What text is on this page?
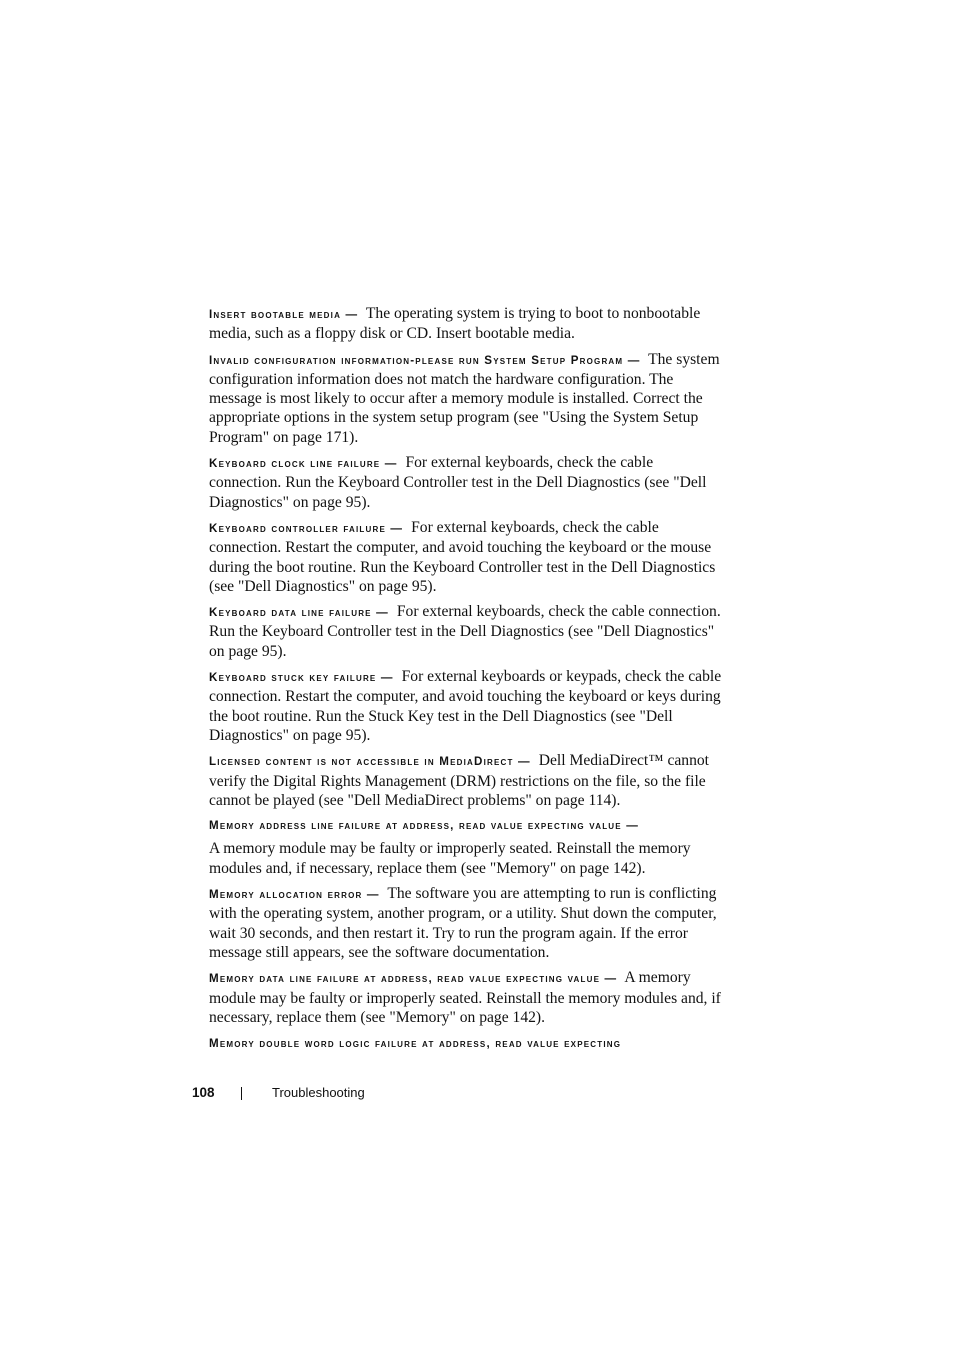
Insert bootable media — The operating system is trying to boot to nonbootable media, such as a floppy disk or CD. Insert bootable media.

Invalid configuration information-please run System Setup Program — The system configuration information does not match the hardware configuration. The message is most likely to occur after a memory module is installed. Correct the appropriate options in the system setup program (see "Using the System Setup Program" on page 171).

Keyboard clock line failure — For external keyboards, check the cable connection. Run the Keyboard Controller test in the Dell Diagnostics (see "Dell Diagnostics" on page 95).

Keyboard controller failure — For external keyboards, check the cable connection. Restart the computer, and avoid touching the keyboard or the mouse during the boot routine. Run the Keyboard Controller test in the Dell Diagnostics (see "Dell Diagnostics" on page 95).

Keyboard data line failure — For external keyboards, check the cable connection. Run the Keyboard Controller test in the Dell Diagnostics (see "Dell Diagnostics" on page 95).

Keyboard stuck key failure — For external keyboards or keypads, check the cable connection. Restart the computer, and avoid touching the keyboard or keys during the boot routine. Run the Stuck Key test in the Dell Diagnostics (see "Dell Diagnostics" on page 95).

Licensed content is not accessible in MediaDirect — Dell MediaDirect™ cannot verify the Digital Rights Management (DRM) restrictions on the file, so the file cannot be played (see "Dell MediaDirect problems" on page 114).

Memory address line failure at address, read value expecting value —
A memory module may be faulty or improperly seated. Reinstall the memory modules and, if necessary, replace them (see "Memory" on page 142).

Memory allocation error — The software you are attempting to run is conflicting with the operating system, another program, or a utility. Shut down the computer, wait 30 seconds, and then restart it. Try to run the program again. If the error message still appears, see the software documentation.

Memory data line failure at address, read value expecting value — A memory module may be faulty or improperly seated. Reinstall the memory modules and, if necessary, replace them (see "Memory" on page 142).

Memory double word logic failure at address, read value expecting

108	Troubleshooting
